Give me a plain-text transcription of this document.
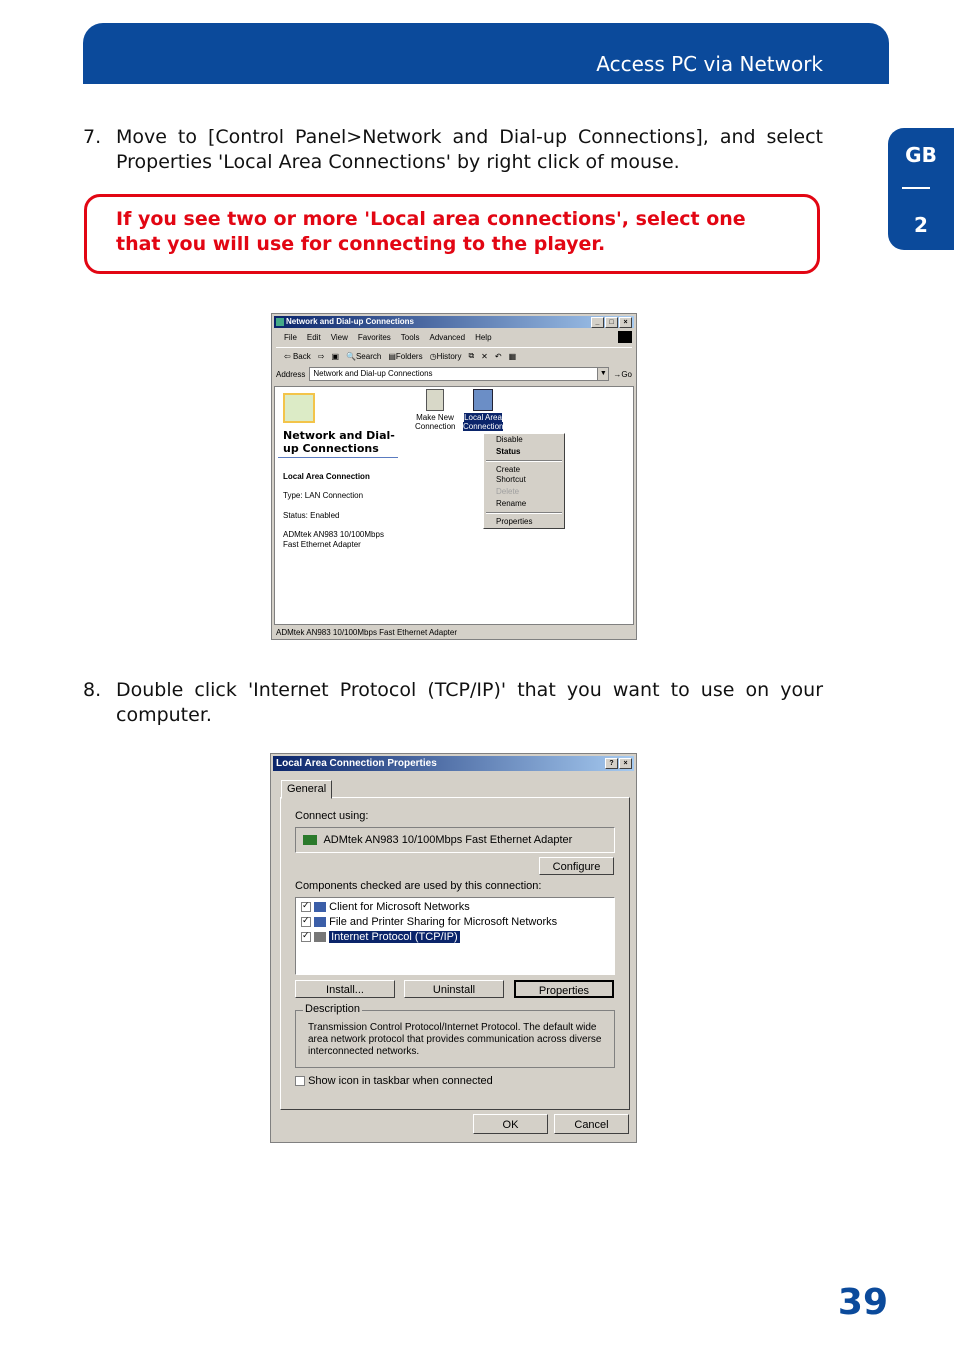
Access PC via Network
GB
2
7. Move to [Control Panel>Network and Dial-up Connections], and select Properties 'Local Area Connections' by right click of mouse.
If you see two or more 'Local area connections', select one that you will use for connecting to the player.
Network and Dial-up Connections	_	□	×
File Edit View Favorites Tools Advanced Help
⇦ Back ⇨ ▣ 🔍Search ▤Folders ◷History ⧉ ✕ ↶ ▦
Address	Network and Dial-up Connections	▼ →Go
Network and Dial-up Connections
Local Area Connection
Type: LAN Connection
Status: Enabled
ADMtek AN983 10/100Mbps Fast Ethernet Adapter
Make New Connection
Local Area Connection
Disable
Status
Create Shortcut
Delete
Rename
Properties
ADMtek AN983 10/100Mbps Fast Ethernet Adapter
8. Double click 'Internet Protocol (TCP/IP)' that you want to use on your computer.
Local Area Connection Properties	?	×
General
Connect using:
ADMtek AN983 10/100Mbps Fast Ethernet Adapter
Configure
Components checked are used by this connection:
✓  Client for Microsoft Networks
✓  File and Printer Sharing for Microsoft Networks
✓  Internet Protocol (TCP/IP)
Install...	Uninstall	Properties
Description
Transmission Control Protocol/Internet Protocol. The default wide area network protocol that provides communication across diverse interconnected networks.
Show icon in taskbar when connected
OK	Cancel
39
